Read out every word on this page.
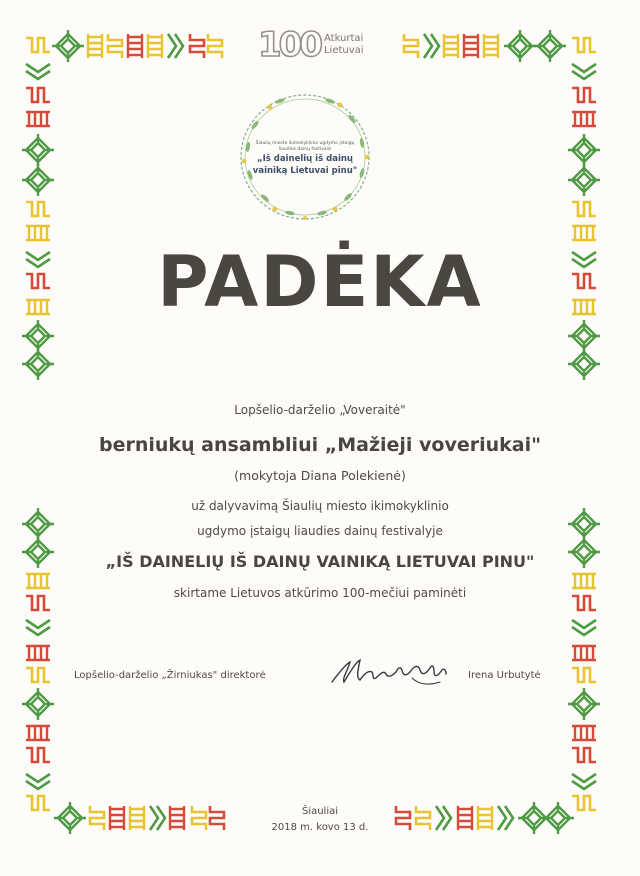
100 Atkurtai
Lietuvai
Šiaulių miesto ikimokyklinio ugdymo įstaigų
liaudies dainų festivalis
„Iš dainelių iš dainų
vainiką Lietuvai pinu"
PADĖKA
Lopšelio-darželio „Voveraitė"
berniukų ansambliui „Mažieji voveriukai"
(mokytoja Diana Polekienė)
už dalyvavimą Šiaulių miesto ikimokyklinio
ugdymo įstaigų liaudies dainų festivalyje
„IŠ DAINELIŲ IŠ DAINŲ VAINIKĄ LIETUVAI PINU"
skirtame Lietuvos atkūrimo 100-mečiui paminėti
Lopšelio-darželio „Žirniukas" direktorė	Irena Urbutytė
Šiauliai
2018 m. kovo 13 d.
